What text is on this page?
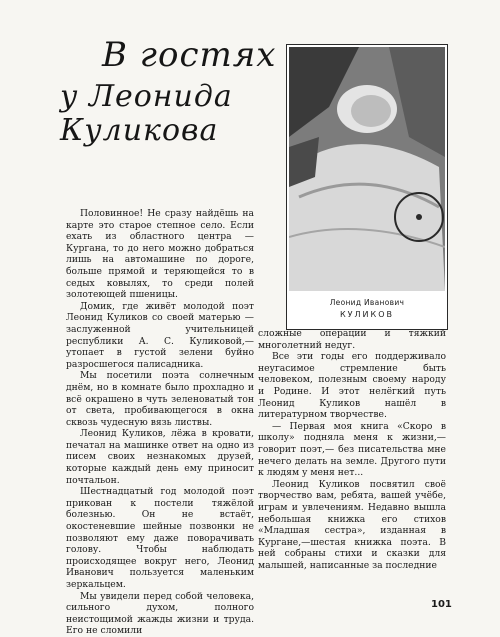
В гостях
у Леонида Куликова
Леонид Иванович
КУЛИКОВ

Половинное! Не сразу найдёшь на карте это старое степное село. Если ехать из областного центра — Кургана, то до него можно добраться лишь на автомашине по дороге, больше прямой и теряющейся то в седых ковылях, то среди полей золотеющей пшеницы.

Домик, где живёт молодой поэт Леонид Куликов со своей матерью — заслуженной учительницей республики А. С. Куликовой,— утопает в густой зелени буйно разросшегося палисадника.

Мы посетили поэта солнечным днём, но в комнате было прохладно и всё окрашено в чуть зеленоватый тон от света, пробивающегося в окна сквозь чудесную вязь листвы.

Леонид Куликов, лёжа в кровати, печатал на машинке ответ на одно из писем своих незнакомых друзей, которые каждый день ему приносит почтальон.

Шестнадцатый год молодой поэт прикован к постели тяжёлой болезнью. Он не встаёт, окостеневшие шейные позвонки не позволяют ему даже поворачивать голову. Чтобы наблюдать происходящее вокруг него, Леонид Иванович пользуется маленьким зеркальцем.

Мы увидели перед собой человека, сильного духом, полного неистощимой жажды жизни и труда. Его не сломили

сложные операции и тяжкий многолетний недуг.

Все эти годы его поддерживало неугасимое стремление быть человеком, полезным своему народу и Родине. И этот нелёгкий путь Леонид Куликов нашёл в литературном творчестве.

— Первая моя книга «Скоро в школу» подняла меня к жизни,— говорит поэт,— без писательства мне нечего делать на земле. Другого пути к людям у меня нет...

Леонид Куликов посвятил своё творчество вам, ребята, вашей учёбе, играм и увлечениям. Недавно вышла небольшая книжка его стихов «Младшая сестра», изданная в Кургане,—шестая книжка поэта. В ней собраны стихи и сказки для малышей, написанные за последние

101
